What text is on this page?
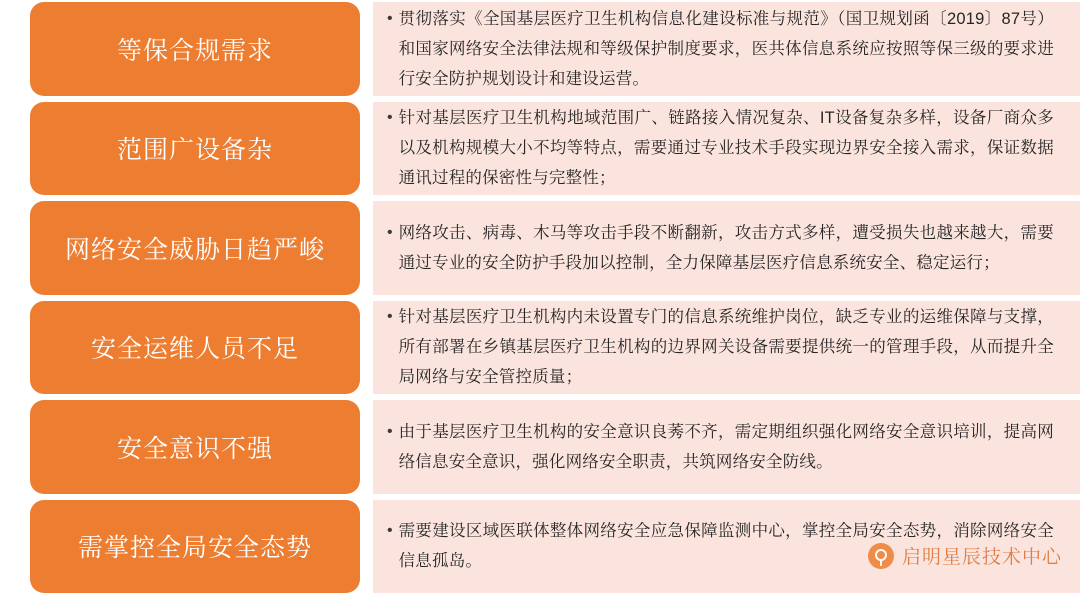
等保合规需求
• 贯彻落实《全国基层医疗卫生机构信息化建设标准与规范》（国卫规划函〔2019〕87号）和国家网络安全法律法规和等级保护制度要求，医共体信息系统应按照等保三级的要求进行安全防护规划设计和建设运营。
范围广设备杂
• 针对基层医疗卫生机构地域范围广、链路接入情况复杂、IT设备复杂多样，设备厂商众多以及机构规模大小不均等特点，需要通过专业技术手段实现边界安全接入需求，保证数据通讯过程的保密性与完整性；
网络安全威胁日趋严峻
• 网络攻击、病毒、木马等攻击手段不断翻新，攻击方式多样，遭受损失也越来越大，需要通过专业的安全防护手段加以控制，全力保障基层医疗信息系统安全、稳定运行；
安全运维人员不足
• 针对基层医疗卫生机构内未设置专门的信息系统维护岗位，缺乏专业的运维保障与支撑，所有部署在乡镇基层医疗卫生机构的边界网关设备需要提供统一的管理手段，从而提升全局网络与安全管控质量；
安全意识不强
• 由于基层医疗卫生机构的安全意识良莠不齐，需定期组织强化网络安全意识培训，提高网络信息安全意识，强化网络安全职责，共筑网络安全防线。
需掌控全局安全态势
• 需要建设区域医联体整体网络安全应急保障监测中心，掌控全局安全态势，消除网络安全信息孤岛。	启明星辰技术中心
